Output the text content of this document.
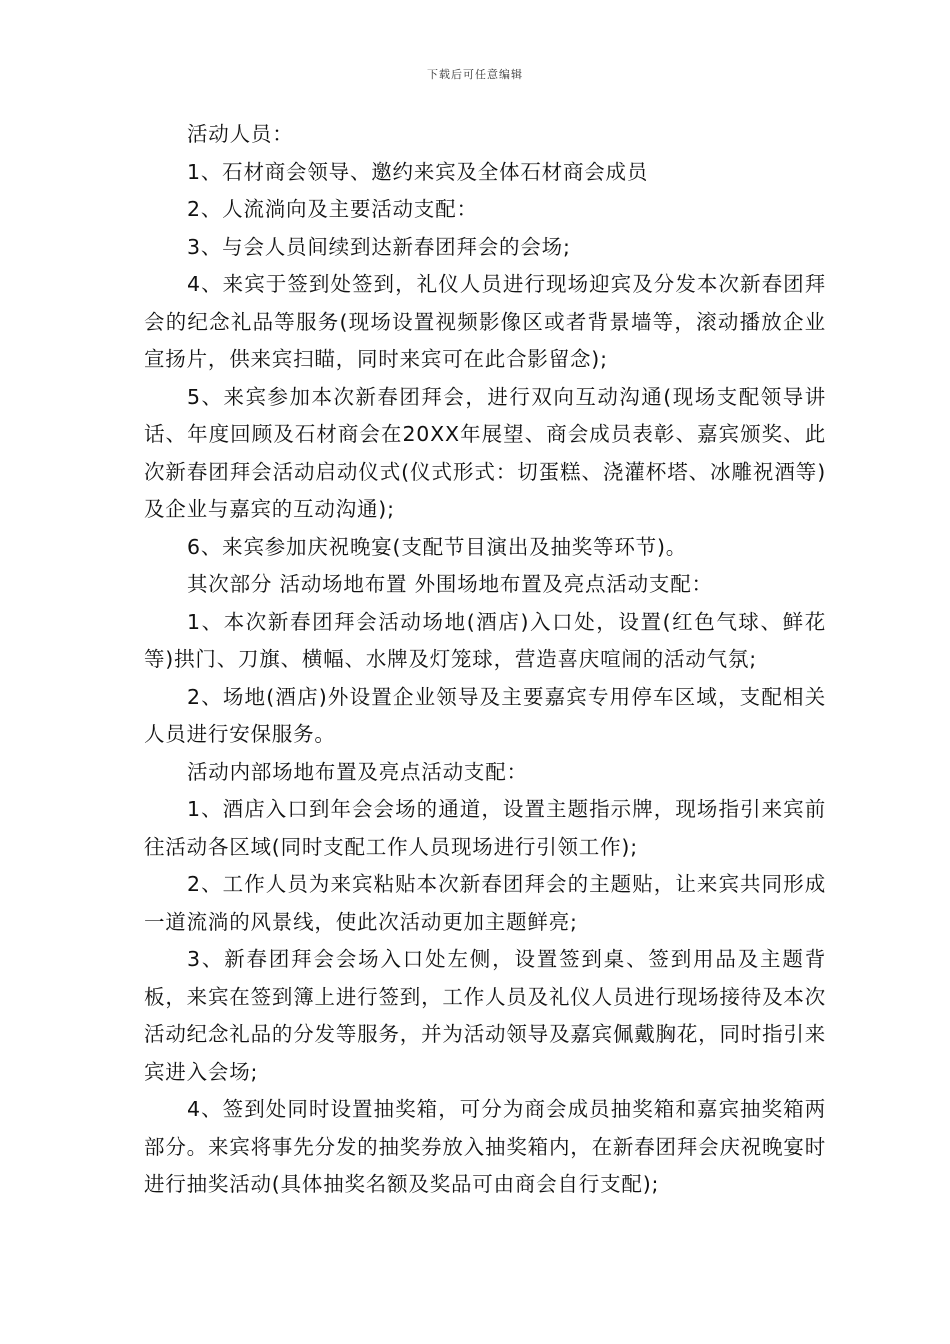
下载后可任意编辑

活动人员：

1、石材商会领导、邀约来宾及全体石材商会成员

2、人流淌向及主要活动支配：

3、与会人员间续到达新春团拜会的会场;

4、来宾于签到处签到，礼仪人员进行现场迎宾及分发本次新春团拜会的纪念礼品等服务(现场设置视频影像区或者背景墙等，滚动播放企业宣扬片，供来宾扫瞄，同时来宾可在此合影留念);

5、来宾参加本次新春团拜会，进行双向互动沟通(现场支配领导讲话、年度回顾及石材商会在20XX年展望、商会成员表彰、嘉宾颁奖、此次新春团拜会活动启动仪式(仪式形式：切蛋糕、浇灌杯塔、冰雕祝酒等)及企业与嘉宾的互动沟通);

6、来宾参加庆祝晚宴(支配节目演出及抽奖等环节)。

其次部分 活动场地布置 外围场地布置及亮点活动支配：

1、本次新春团拜会活动场地(酒店)入口处，设置(红色气球、鲜花等)拱门、刀旗、横幅、水牌及灯笼球，营造喜庆喧闹的活动气氛;

2、场地(酒店)外设置企业领导及主要嘉宾专用停车区域，支配相关人员进行安保服务。

活动内部场地布置及亮点活动支配：

1、酒店入口到年会会场的通道，设置主题指示牌，现场指引来宾前往活动各区域(同时支配工作人员现场进行引领工作);

2、工作人员为来宾粘贴本次新春团拜会的主题贴，让来宾共同形成一道流淌的风景线，使此次活动更加主题鲜亮;

3、新春团拜会会场入口处左侧，设置签到桌、签到用品及主题背板，来宾在签到簿上进行签到，工作人员及礼仪人员进行现场接待及本次活动纪念礼品的分发等服务，并为活动领导及嘉宾佩戴胸花，同时指引来宾进入会场;

4、签到处同时设置抽奖箱，可分为商会成员抽奖箱和嘉宾抽奖箱两部分。来宾将事先分发的抽奖券放入抽奖箱内，在新春团拜会庆祝晚宴时进行抽奖活动(具体抽奖名额及奖品可由商会自行支配);
